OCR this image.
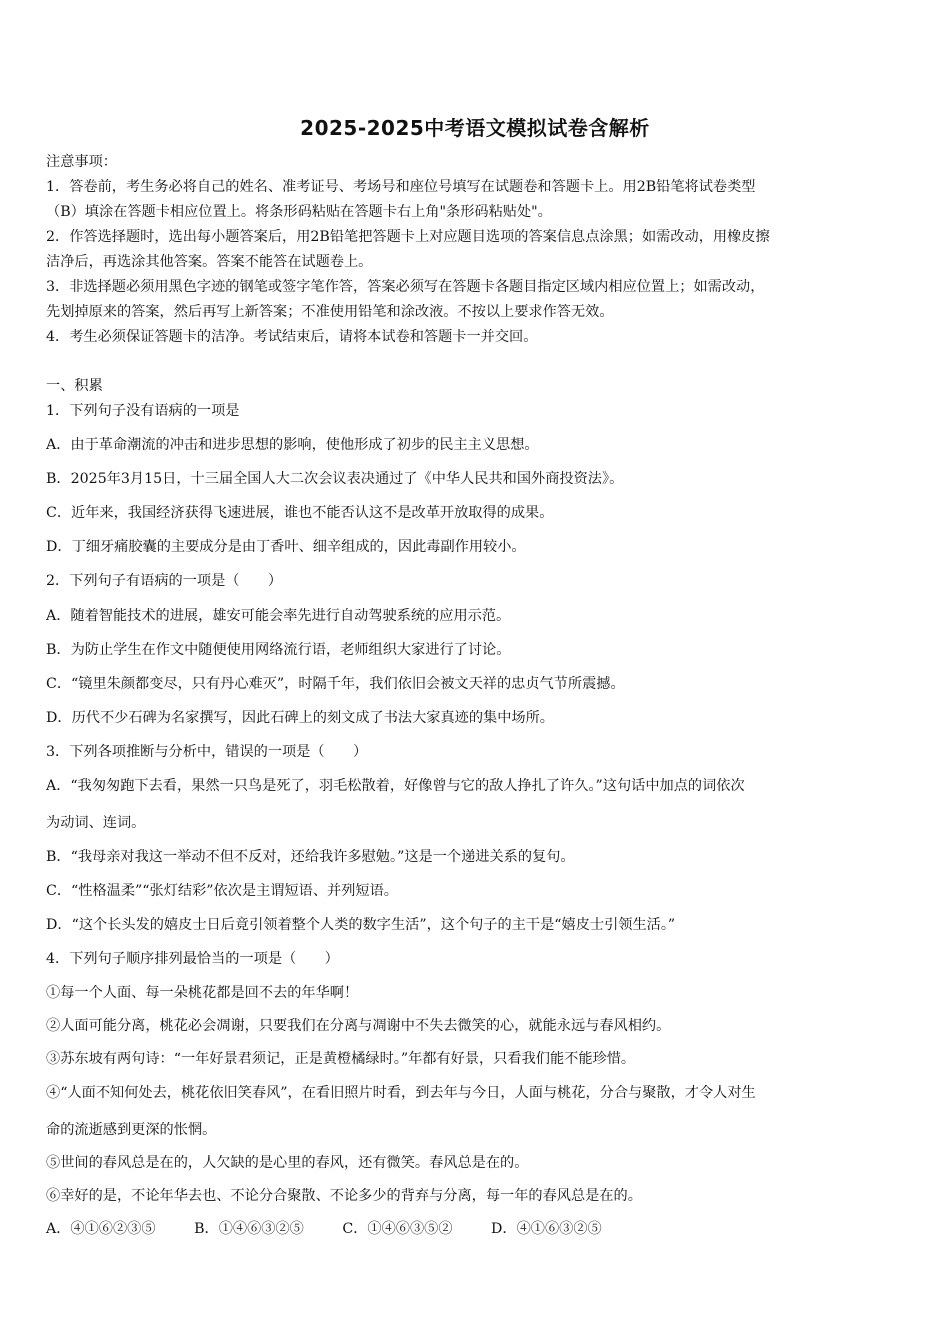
2025-2025中考语文模拟试卷含解析
注意事项：
1．答卷前，考生务必将自己的姓名、准考证号、考场号和座位号填写在试题卷和答题卡上。用2B铅笔将试卷类型
（B）填涂在答题卡相应位置上。将条形码粘贴在答题卡右上角"条形码粘贴处"。
2．作答选择题时，选出每小题答案后，用2B铅笔把答题卡上对应题目选项的答案信息点涂黑；如需改动，用橡皮擦
洁净后，再选涂其他答案。答案不能答在试题卷上。
3．非选择题必须用黑色字迹的钢笔或签字笔作答，答案必须写在答题卡各题目指定区域内相应位置上；如需改动，
先划掉原来的答案，然后再写上新答案；不准使用铅笔和涂改液。不按以上要求作答无效。
4．考生必须保证答题卡的洁净。考试结束后，请将本试卷和答题卡一并交回。
一、积累
1．下列句子没有语病的一项是
A．由于革命潮流的冲击和进步思想的影响，使他形成了初步的民主主义思想。
B．2025年3月15日，十三届全国人大二次会议表决通过了《中华人民共和国外商投资法》。
C．近年来，我国经济获得飞速进展，谁也不能否认这不是改革开放取得的成果。
D．丁细牙痛胶囊的主要成分是由丁香叶、细辛组成的，因此毒副作用较小。
2．下列句子有语病的一项是（　　）
A．随着智能技术的进展，雄安可能会率先进行自动驾驶系统的应用示范。
B．为防止学生在作文中随便使用网络流行语，老师组织大家进行了讨论。
C．“镜里朱颜都变尽，只有丹心难灭”，时隔千年，我们依旧会被文天祥的忠贞气节所震撼。
D．历代不少石碑为名家撰写，因此石碑上的刻文成了书法大家真迹的集中场所。
3．下列各项推断与分析中，错误的一项是（　　）
A．“我匆匆跑下去看，果然一只鸟是死了，羽毛松散着，好像曾与它的敌人挣扎了许久。”这句话中加点的词依次
为动词、连词。
B．“我母亲对我这一举动不但不反对，还给我许多慰勉。”这是一个递进关系的复句。
C．“性格温柔”“张灯结彩”依次是主谓短语、并列短语。
D．“这个长头发的嬉皮士日后竟引领着整个人类的数字生活”，这个句子的主干是“嬉皮士引领生活。”
4．下列句子顺序排列最恰当的一项是（　　）
①每一个人面、每一朵桃花都是回不去的年华啊！
②人面可能分离，桃花必会凋谢，只要我们在分离与凋谢中不失去微笑的心，就能永远与春风相约。
③苏东坡有两句诗：“一年好景君须记，正是黄橙橘绿时。”年都有好景，只看我们能不能珍惜。
④“人面不知何处去，桃花依旧笑春风”，在看旧照片时看，到去年与今日，人面与桃花，分合与聚散，才令人对生
命的流逝感到更深的怅惘。
⑤世间的春风总是在的，人欠缺的是心里的春风，还有微笑。春风总是在的。
⑥幸好的是，不论年华去也、不论分合聚散、不论多少的背弃与分离，每一年的春风总是在的。
A．④①⑥②③⑤	B．①④⑥③②⑤	C．①④⑥③⑤②	D．④①⑥③②⑤
